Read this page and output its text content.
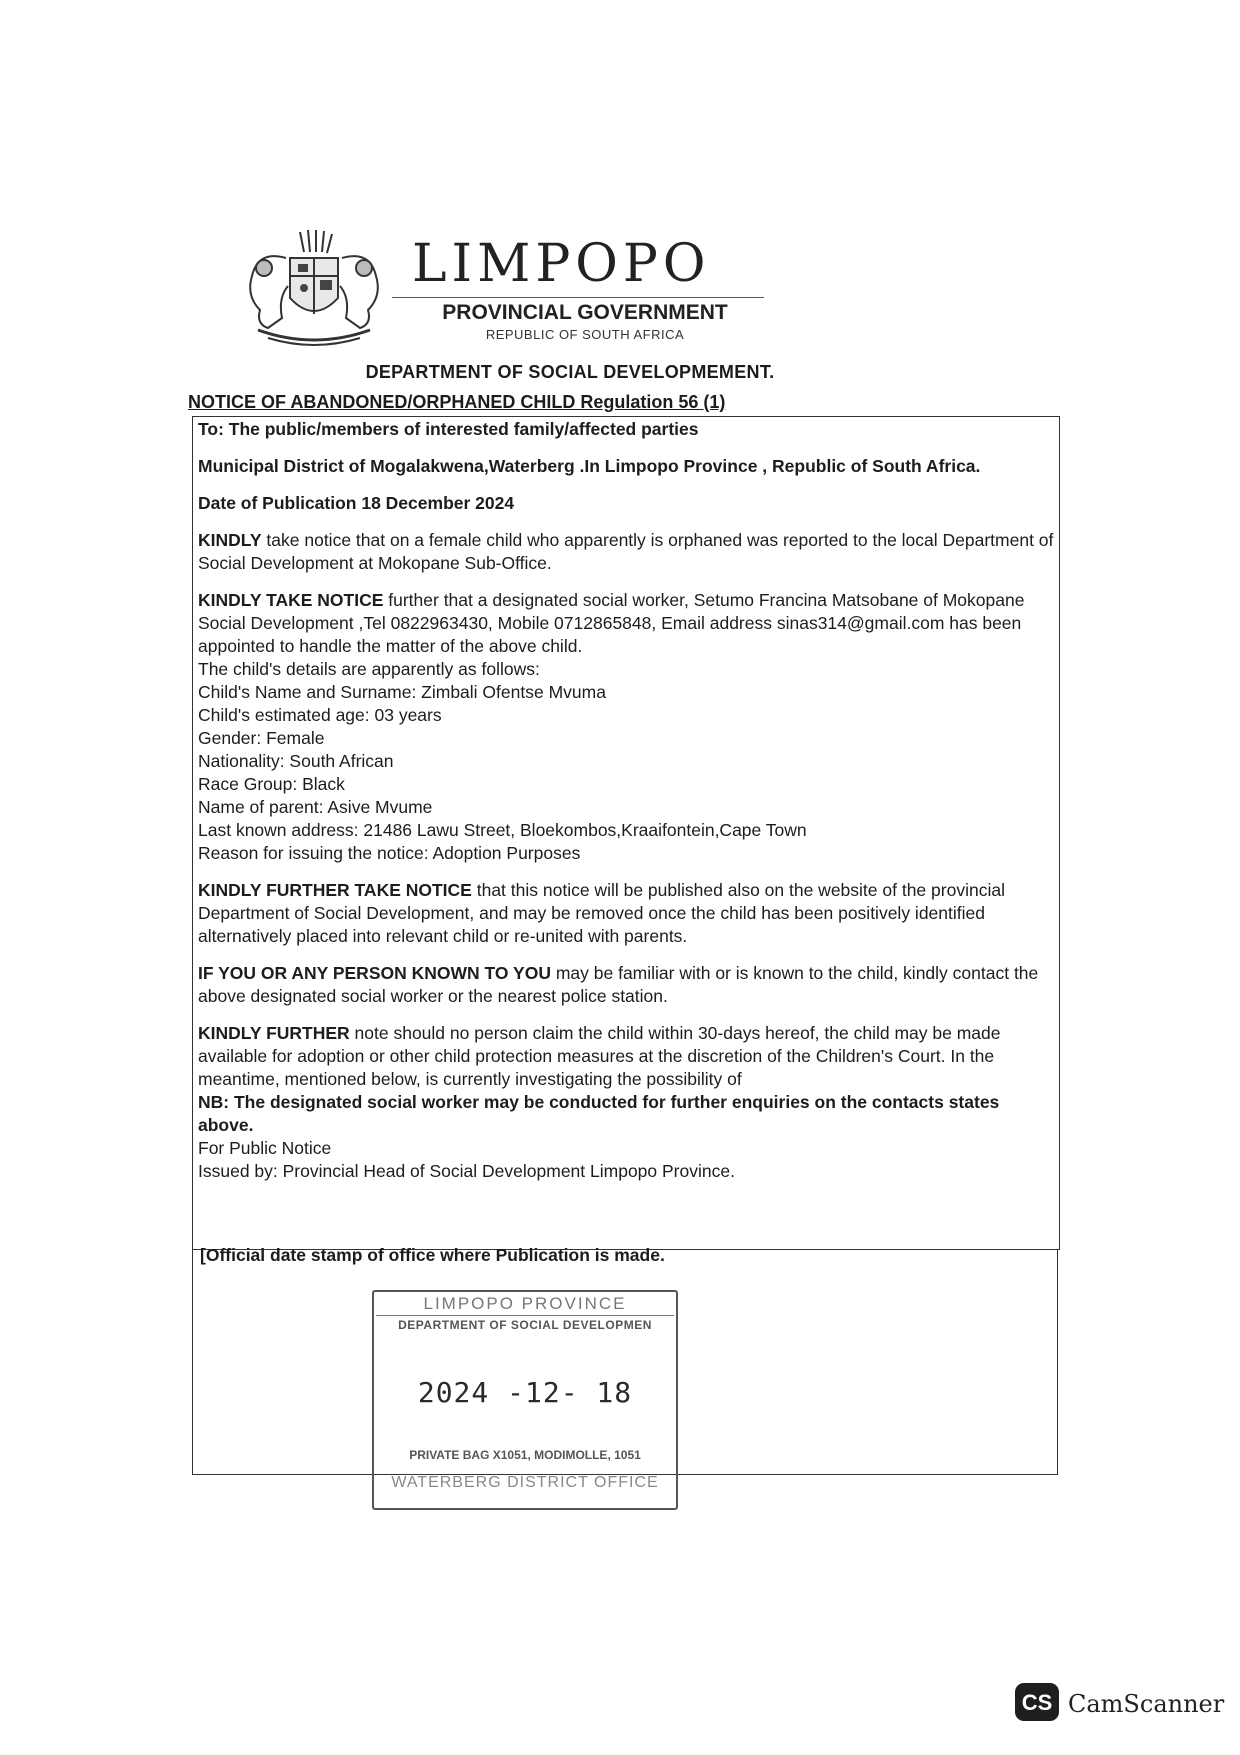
LIMPOPO
PROVINCIAL GOVERNMENT
REPUBLIC OF SOUTH AFRICA
DEPARTMENT OF SOCIAL DEVELOPMEMENT.
NOTICE OF ABANDONED/ORPHANED CHILD Regulation 56 (1)

To: The public/members of interested family/affected parties

Municipal District of Mogalakwena,Waterberg .In Limpopo Province , Republic of South Africa.

Date of Publication 18 December 2024

KINDLY take notice that on a female child who apparently is orphaned was reported to the local Department of Social Development at Mokopane Sub-Office.

KINDLY TAKE NOTICE further that a designated social worker, Setumo Francina Matsobane of Mokopane Social Development ,Tel 0822963430, Mobile 0712865848, Email address sinas314@gmail.com has been appointed to handle the matter of the above child.

The child's details are apparently as follows:

Child's Name and Surname: Zimbali Ofentse Mvuma

Child's estimated age: 03 years

Gender: Female

Nationality: South African

Race Group: Black

Name of parent: Asive Mvume

Last known address: 21486 Lawu Street, Bloekombos,Kraaifontein,Cape Town

Reason for issuing the notice: Adoption Purposes

KINDLY FURTHER TAKE NOTICE that this notice will be published also on the website of the provincial Department of Social Development, and may be removed once the child has been positively identified alternatively placed into relevant child or re-united with parents.

IF YOU OR ANY PERSON KNOWN TO YOU may be familiar with or is known to the child, kindly contact the above designated social worker or the nearest police station.

KINDLY FURTHER note should no person claim the child within 30-days hereof, the child may be made available for adoption or other child protection measures at the discretion of the Children's Court. In the meantime, mentioned below, is currently investigating the possibility of

NB: The designated social worker may be conducted for further enquiries on the contacts states above.

For Public Notice

Issued by: Provincial Head of Social Development Limpopo Province.

[Official date stamp of office where Publication is made.
LIMPOPO PROVINCE
DEPARTMENT OF SOCIAL DEVELOPMEN
2024 -12- 18
PRIVATE BAG X1051, MODIMOLLE, 1051
WATERBERG DISTRICT OFFICE
CS CamScanner
